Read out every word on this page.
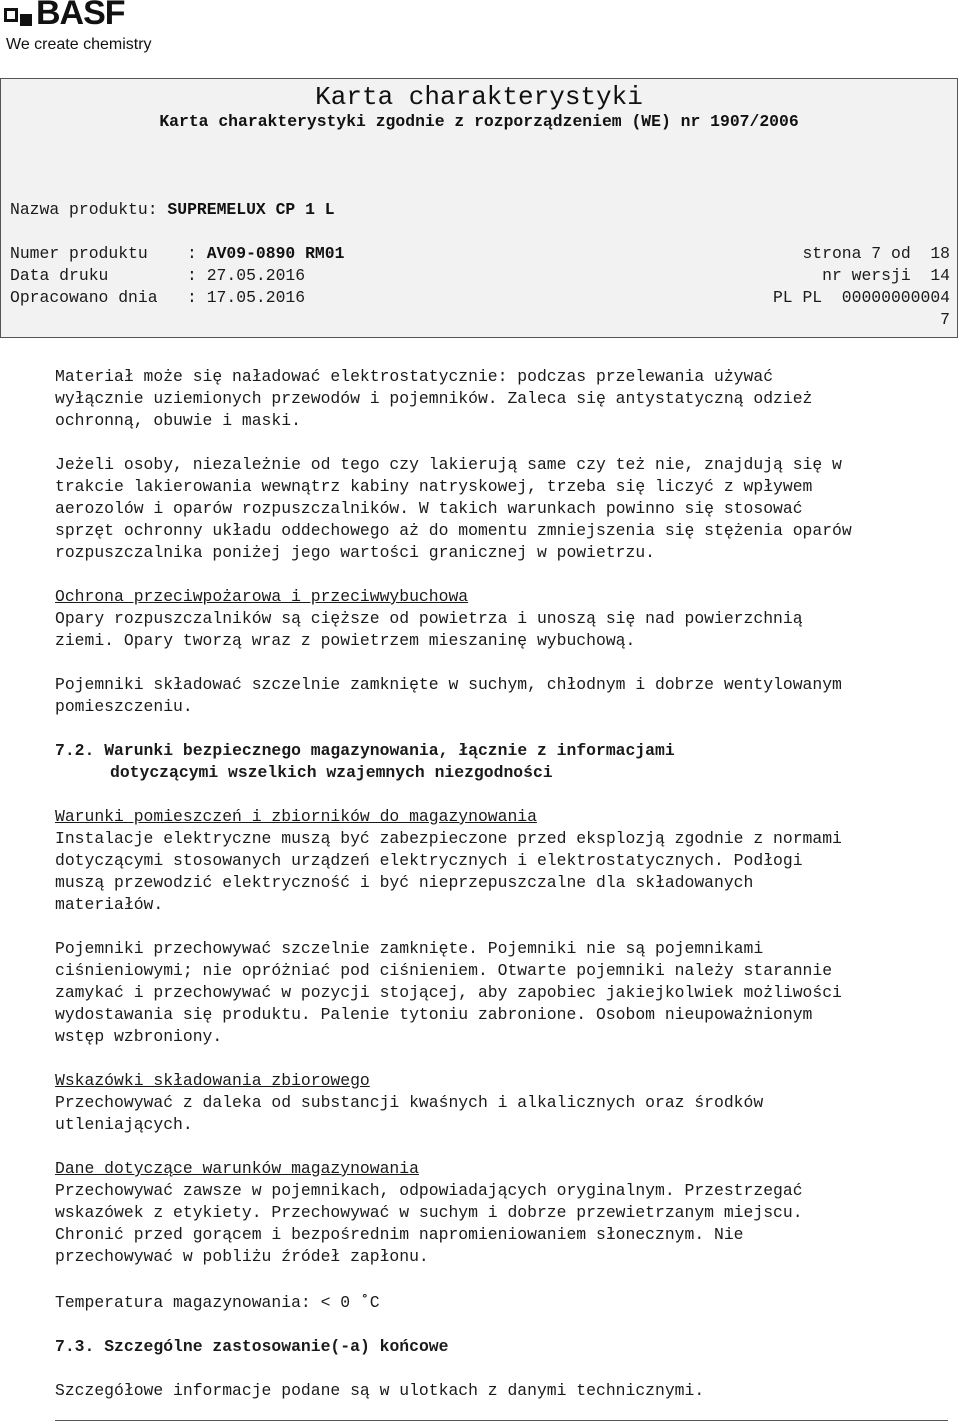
BASF
We create chemistry
Karta charakterystyki
Karta charakterystyki zgodnie z rozporządzeniem (WE) nr 1907/2006
Nazwa produktu: SUPREMELUX CP 1 L
Numer produktu    : AV09-0890 RM01
Data druku        : 27.05.2016
Opracowano dnia   : 17.05.2016
strona 7 od  18
nr wersji  14
PL PL  00000000004
7
Materiał może się naładować elektrostatycznie: podczas przelewania używać
wyłącznie uziemionych przewodów i pojemników. Zaleca się antystatyczną odzież
ochronną, obuwie i maski.
Jeżeli osoby, niezależnie od tego czy lakierują same czy też nie, znajdują się w
trakcie lakierowania wewnątrz kabiny natryskowej, trzeba się liczyć z wpływem
aerozolów i oparów rozpuszczalników. W takich warunkach powinno się stosować
sprzęt ochronny układu oddechowego aż do momentu zmniejszenia się stężenia oparów
rozpuszczalnika poniżej jego wartości granicznej w powietrzu.
Ochrona przeciwpożarowa i przeciwwybuchowa
Opary rozpuszczalników są cięższe od powietrza i unoszą się nad powierzchnią
ziemi. Opary tworzą wraz z powietrzem mieszaninę wybuchową.
Pojemniki składować szczelnie zamknięte w suchym, chłodnym i dobrze wentylowanym
pomieszczeniu.
7.2. Warunki bezpiecznego magazynowania, łącznie z informacjami
dotyczącymi wszelkich wzajemnych niezgodności
Warunki pomieszczeń i zbiorników do magazynowania
Instalacje elektryczne muszą być zabezpieczone przed eksplozją zgodnie z normami
dotyczącymi stosowanych urządzeń elektrycznych i elektrostatycznych. Podłogi
muszą przewodzić elektryczność i być nieprzepuszczalne dla składowanych
materiałów.
Pojemniki przechowywać szczelnie zamknięte. Pojemniki nie są pojemnikami
ciśnieniowymi; nie opróżniać pod ciśnieniem. Otwarte pojemniki należy starannie
zamykać i przechowywać w pozycji stojącej, aby zapobiec jakiejkolwiek możliwości
wydostawania się produktu. Palenie tytoniu zabronione. Osobom nieupoważnionym
wstęp wzbroniony.
Wskazówki składowania zbiorowego
Przechowywać z daleka od substancji kwaśnych i alkalicznych oraz środków
utleniających.
Dane dotyczące warunków magazynowania
Przechowywać zawsze w pojemnikach, odpowiadających oryginalnym. Przestrzegać
wskazówek z etykiety. Przechowywać w suchym i dobrze przewietrzanym miejscu.
Chronić przed gorącem i bezpośrednim napromieniowaniem słonecznym. Nie
przechowywać w pobliżu źródeł zapłonu.
Temperatura magazynowania: < 0 ˚C
7.3. Szczególne zastosowanie(-a) końcowe
Szczegółowe informacje podane są w ulotkach z danymi technicznymi.
